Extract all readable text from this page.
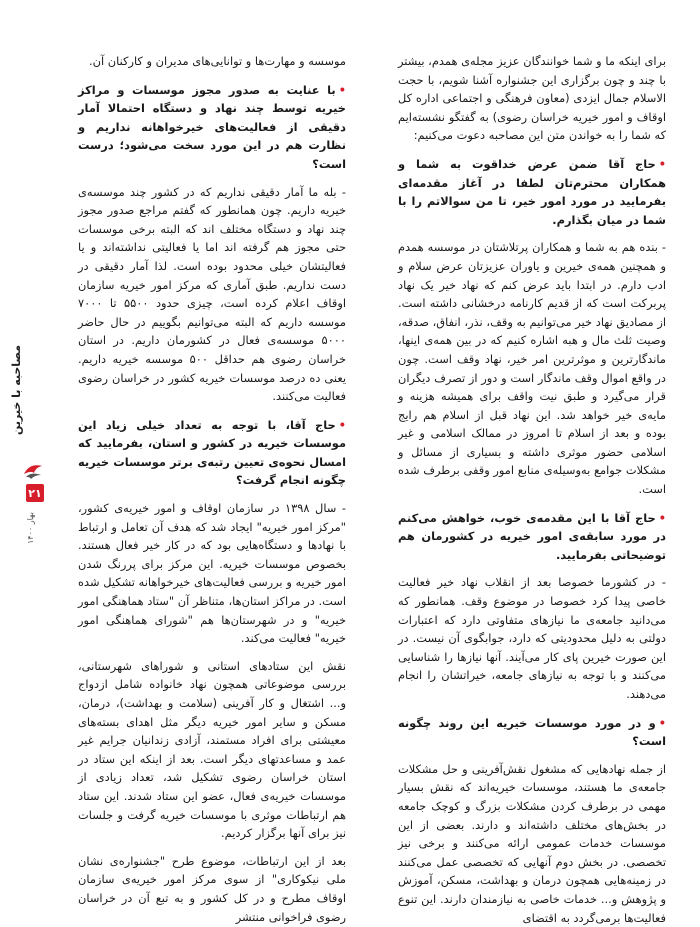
برای اینکه ما و شما خوانندگان عزیز مجله‌ی همدم، بیشتر با چند و چون برگزاری این جشنواره آشنا شویم، با حجت الاسلام جمال ایزدی (معاون فرهنگی و اجتماعی اداره کل اوقاف و امور خیریه خراسان رضوی) به گفتگو نشسته‌ایم که شما را به خواندن متن این مصاحبه دعوت می‌کنیم:

•حاج آقا ضمن عرض خداقوت به شما و همکاران محترم‌تان لطفا در آغاز مقدمه‌ای بفرمایید در مورد امور خیر، تا من سوالاتم را با شما در میان بگذارم.

- بنده هم به شما و همکاران پرتلاشتان در موسسه همدم و همچنین همه‌ی خیرین و یاوران عزیزتان عرض سلام و ادب دارم. در ابتدا باید عرض کنم که نهاد خیر یک نهاد پربرکت است که از قدیم کارنامه درخشانی داشته است. از مصادیق نهاد خیر می‌توانیم به وقف، نذر، انفاق، صدقه، وصیت ثلث مال و هبه اشاره کنیم که در بین همه‌ی اینها، ماندگارترین و موثرترین امر خیر، نهاد وقف است. چون در واقع اموال وقف ماندگار است و دور از تصرف دیگران قرار می‌گیرد و طبق نیت واقف برای همیشه هزینه و مایه‌ی خیر خواهد شد. این نهاد قبل از اسلام هم رایج بوده و بعد از اسلام تا امروز در ممالک اسلامی و غیر اسلامی حضور موثری داشته و بسیاری از مسائل و مشکلات جوامع به‌وسیله‌ی منابع امور وقفی برطرف شده است.

•حاج آقا با این مقدمه‌ی خوب، خواهش می‌کنم در مورد سابقه‌ی امور خیریه در کشورمان هم توضیحاتی بفرمایید.

- در کشورما خصوصا بعد از انقلاب نهاد خیر فعالیت خاصی پیدا کرد خصوصا در موضوع وقف. همانطور که می‌دانید جامعه‌ی ما نیازهای متفاوتی دارد که اعتبارات دولتی به دلیل محدودیتی که دارد، جوابگوی آن نیست. در این صورت خیرین پای کار می‌آیند. آنها نیازها را شناسایی می‌کنند و با توجه به نیازهای جامعه، خیراتشان را انجام می‌دهند.

•و در مورد موسسات خیریه این روند چگونه است؟

از جمله نهادهایی که مشغول نقش‌آفرینی و حل مشکلات جامعه‌ی ما هستند، موسسات خیریه‌اند که نقش بسیار مهمی در برطرف کردن مشکلات بزرگ و کوچک جامعه در بخش‌های مختلف داشته‌اند و دارند. بعضی از این موسسات خدمات عمومی ارائه می‌کنند و برخی نیز تخصصی. در بخش دوم آنهایی که تخصصی عمل می‌کنند در زمینه‌هایی همچون درمان و بهداشت، مسکن، آموزش و پژوهش و... خدمات خاصی به نیازمندان دارند. این تنوع فعالیت‌ها برمی‌گردد به اقتضای

موسسه و مهارت‌ها و توانایی‌های مدیران و کارکنان آن.

•با عنایت به صدور مجوز موسسات و مراکز خیریه توسط چند نهاد و دستگاه احتمالا آمار دقیقی از فعالیت‌های خیرخواهانه نداریم و نظارت هم در این مورد سخت می‌شود؛ درست است؟

- بله ما آمار دقیقی نداریم که در کشور چند موسسه‌ی خیریه داریم. چون همانطور که گفتم مراجع صدور مجوز چند نهاد و دستگاه مختلف اند که البته برخی موسسات حتی مجوز هم گرفته اند اما یا فعالیتی نداشته‌اند و یا فعالیتشان خیلی محدود بوده است. لذا آمار دقیقی در دست نداریم. طبق آماری که مرکز امور خیریه سازمان اوقاف اعلام کرده است، چیزی حدود ۵۵۰۰ تا ۷۰۰۰ موسسه داریم که البته می‌توانیم بگوییم در حال حاضر ۵۰۰۰ موسسه‌ی فعال در کشورمان داریم. در استان خراسان رضوی هم حداقل ۵۰۰ موسسه خیریه داریم. یعنی ده درصد موسسات خیریه کشور در خراسان رضوی فعالیت می‌کنند.

•حاج آقا، با توجه به تعداد خیلی زیاد این موسسات خیریه در کشور و استان، بفرمایید که امسال نحوه‌ی تعیین رتبه‌ی برتر موسسات خیریه چگونه انجام گرفت؟

- سال ۱۳۹۸ در سازمان اوقاف و امور خیریه‌ی کشور، "مرکز امور خیریه" ایجاد شد که هدف آن تعامل و ارتباط با نهادها و دستگاه‌هایی بود که در کار خیر فعال هستند. بخصوص موسسات خیریه. این مرکز برای پررنگ شدن امور خیریه و بررسی فعالیت‌های خیرخواهانه تشکیل شده است. در مراکز استان‌ها، متناظر آن "ستاد هماهنگی امور خیریه" و در شهرستان‌ها هم "شورای هماهنگی امور خیریه" فعالیت می‌کند.

نقش این ستادهای استانی و شوراهای شهرستانی، بررسی موضوعاتی همچون نهاد خانواده شامل ازدواج و... اشتغال و کار آفرینی (سلامت و بهداشت)، درمان، مسکن و سایر امور خیریه دیگر مثل اهدای بسته‌های معیشتی برای افراد مستمند، آزادی زندانیان جرایم غیر عمد و مساعدتهای دیگر است. بعد از اینکه این ستاد در استان خراسان رضوی تشکیل شد، تعداد زیادی از موسسات خیریه‌ی فعال، عضو این ستاد شدند. این ستاد هم ارتباطات موثری با موسسات خیریه گرفت و جلسات نیز برای آنها برگزار کردیم.

بعد از این ارتباطات، موضوع طرح "جشنواره‌ی نشان ملی نیکوکاری" از سوی مرکز امور خیریه‌ی سازمان اوقاف مطرح و در کل کشور و به تبع آن در خراسان رضوی فراخوانی منتشر

مصاحبه با خیرین
۲۱
بهار ۱۴۰۰
